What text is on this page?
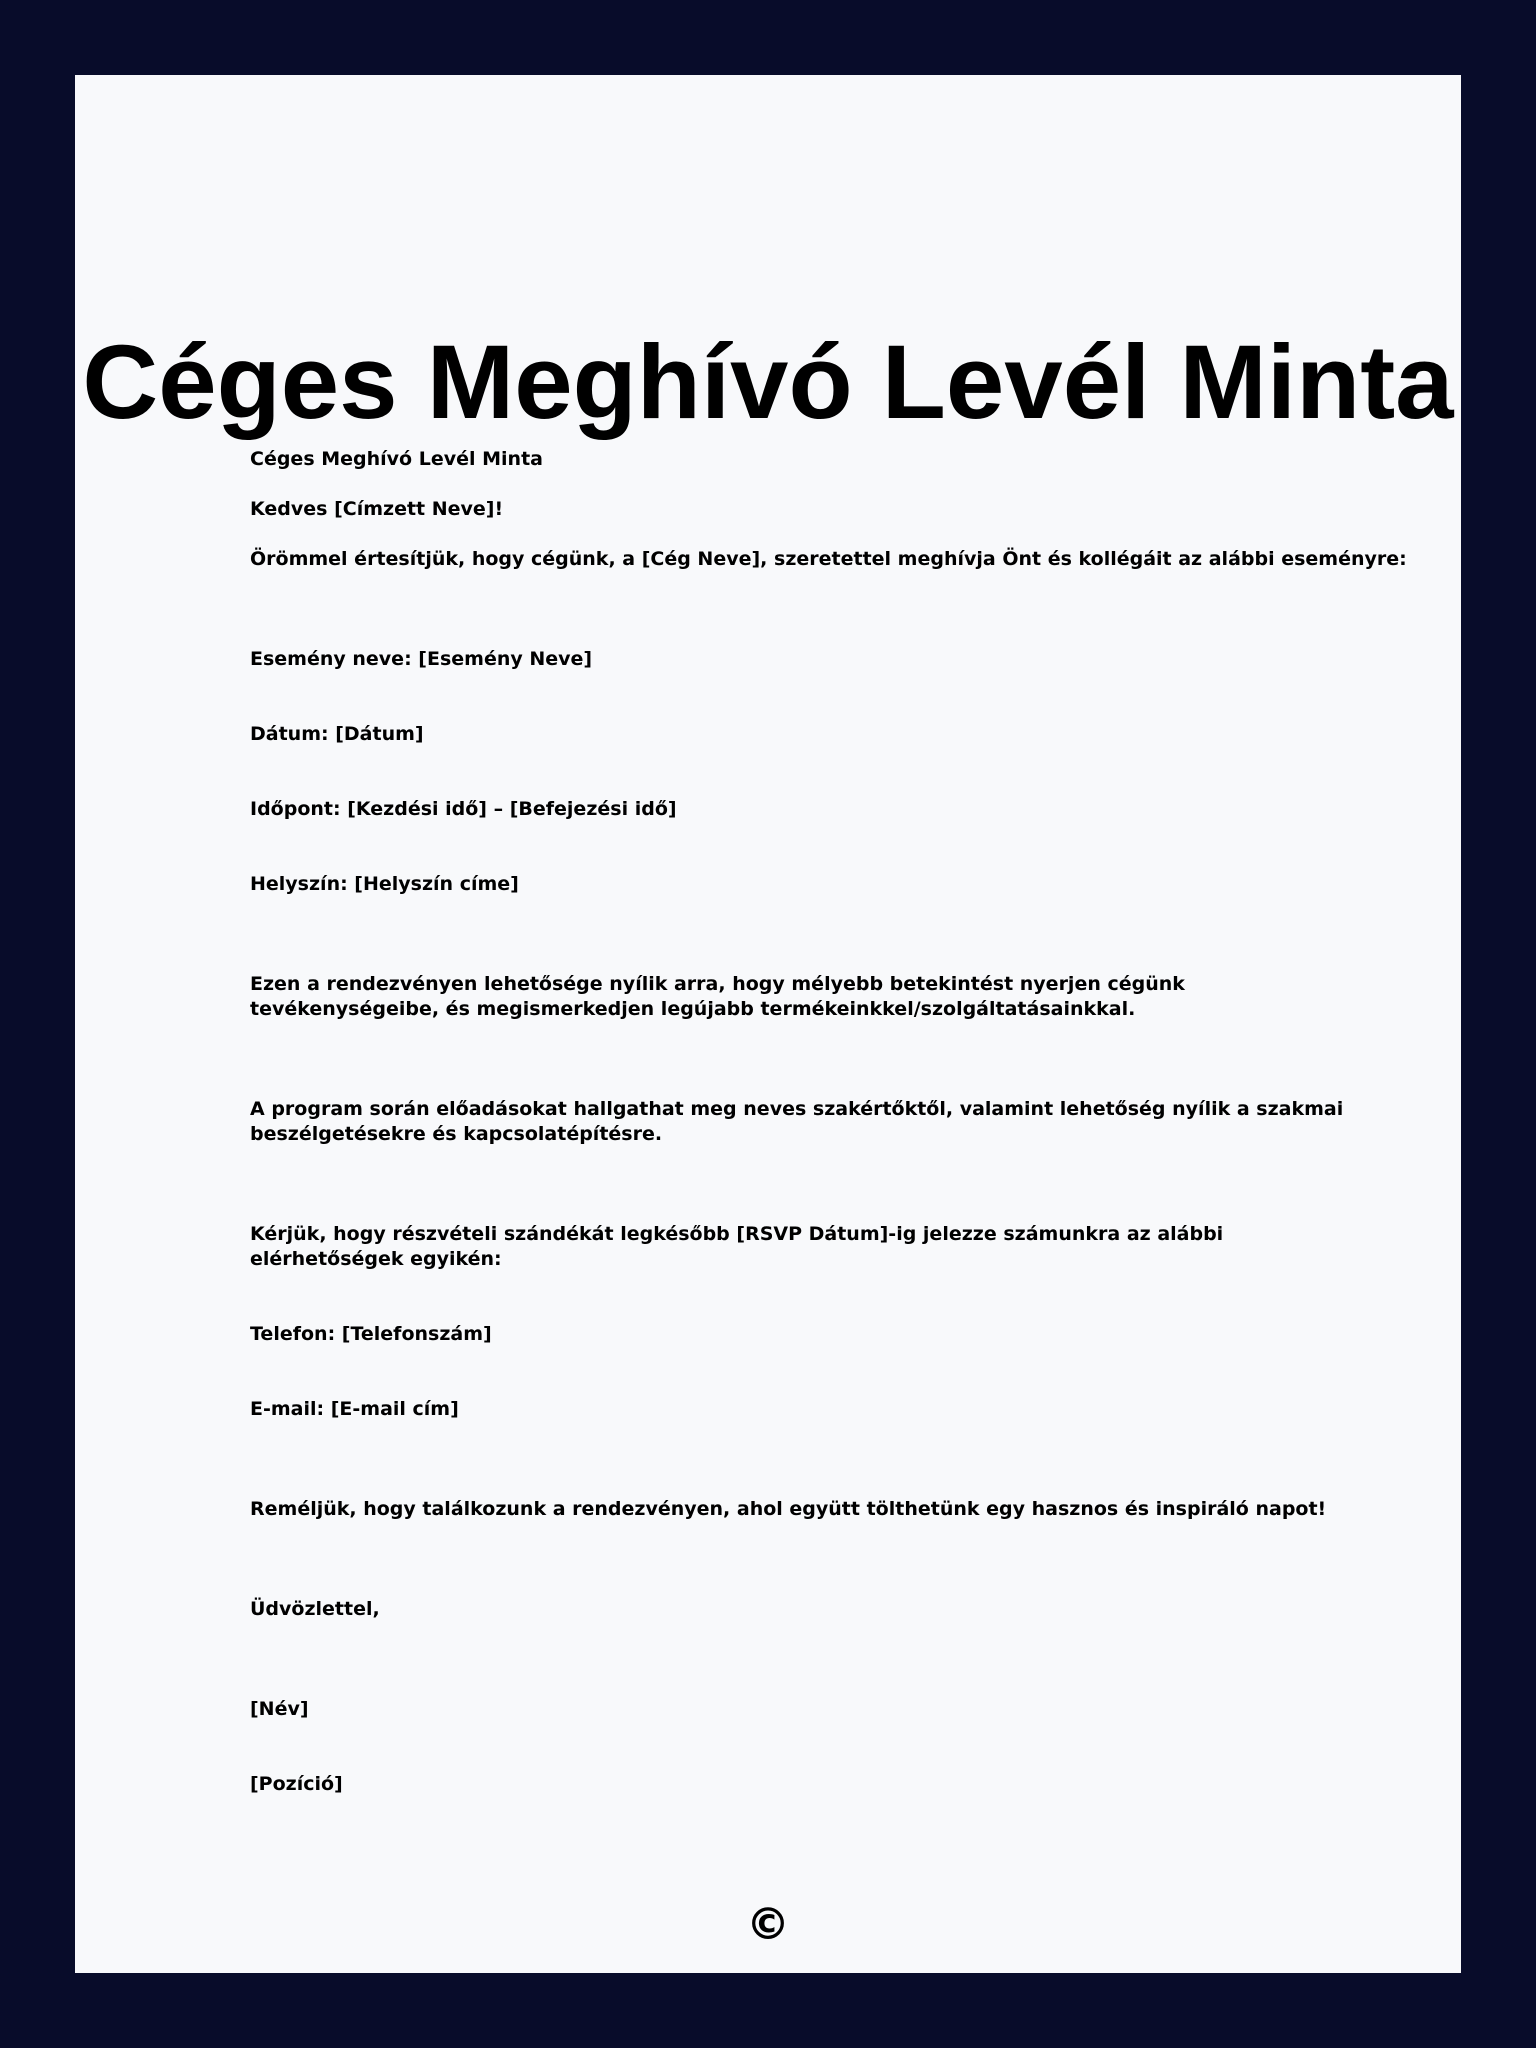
Céges Meghívó Levél Minta

Céges Meghívó Levél Minta

Kedves [Címzett Neve]!

Örömmel értesítjük, hogy cégünk, a [Cég Neve], szeretettel meghívja Önt és kollégáit az alábbi eseményre:

Esemény neve: [Esemény Neve]

Dátum: [Dátum]

Időpont: [Kezdési idő] – [Befejezési idő]

Helyszín: [Helyszín címe]

Ezen a rendezvényen lehetősége nyílik arra, hogy mélyebb betekintést nyerjen cégünk tevékenységeibe, és megismerkedjen legújabb termékeinkkel/szolgáltatásainkkal.

A program során előadásokat hallgathat meg neves szakértőktől, valamint lehetőség nyílik a szakmai beszélgetésekre és kapcsolatépítésre.

Kérjük, hogy részvételi szándékát legkésőbb [RSVP Dátum]-ig jelezze számunkra az alábbi elérhetőségek egyikén:

Telefon: [Telefonszám]

E-mail: [E-mail cím]

Reméljük, hogy találkozunk a rendezvényen, ahol együtt tölthetünk egy hasznos és inspiráló napot!

Üdvözlettel,

[Név]

[Pozíció]

©
